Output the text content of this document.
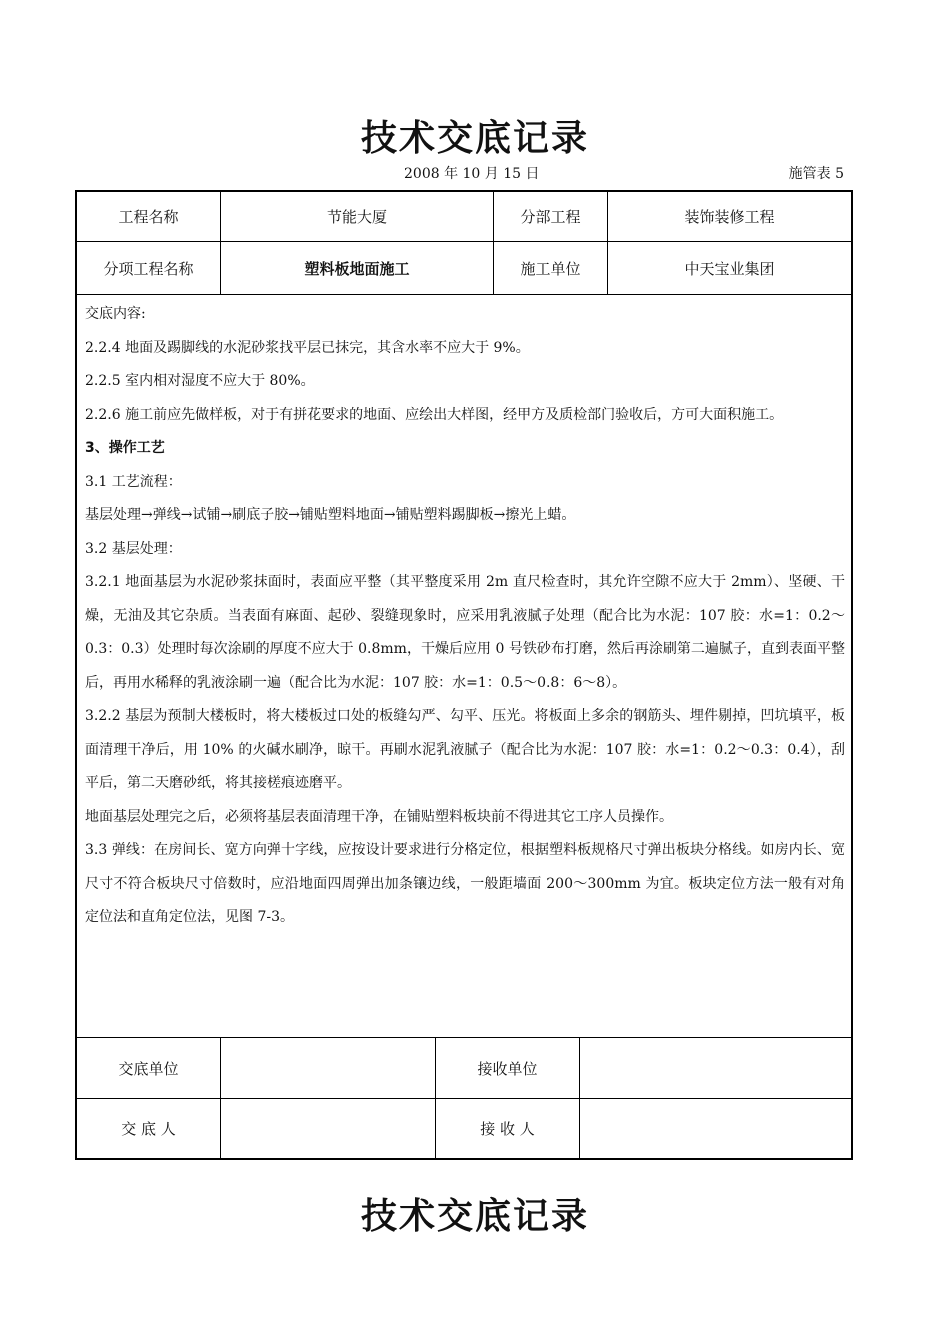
技术交底记录
2008 年 10 月 15 日	施管表 5
工程名称	节能大厦	分部工程	装饰装修工程
分项工程名称	塑料板地面施工	施工单位	中天宝业集团

交底内容:

2.2.4 地面及踢脚线的水泥砂浆找平层已抹完，其含水率不应大于 9%。

2.2.5 室内相对湿度不应大于 80%。

2.2.6 施工前应先做样板，对于有拼花要求的地面、应绘出大样图，经甲方及质检部门验收后，方可大面积施工。

3、操作工艺

3.1 工艺流程：

基层处理→弹线→试铺→刷底子胶→铺贴塑料地面→铺贴塑料踢脚板→擦光上蜡。

3.2 基层处理：

3.2.1 地面基层为水泥砂浆抹面时，表面应平整（其平整度采用 2m 直尺检查时，其允许空隙不应大于 2mm）、坚硬、干燥，无油及其它杂质。当表面有麻面、起砂、裂缝现象时，应采用乳液腻子处理（配合比为水泥：107 胶：水=1：0.2～0.3：0.3）处理时每次涂刷的厚度不应大于 0.8mm，干燥后应用 0 号铁砂布打磨，然后再涂刷第二遍腻子，直到表面平整后，再用水稀释的乳液涂刷一遍（配合比为水泥：107 胶：水=1：0.5～0.8：6～8）。

3.2.2 基层为预制大楼板时，将大楼板过口处的板缝勾严、勾平、压光。将板面上多余的钢筋头、埋件剔掉，凹坑填平，板面清理干净后，用 10% 的火碱水刷净，晾干。再刷水泥乳液腻子（配合比为水泥：107 胶：水=1：0.2～0.3：0.4），刮平后，第二天磨砂纸，将其接槎痕迹磨平。

地面基层处理完之后，必须将基层表面清理干净，在铺贴塑料板块前不得进其它工序人员操作。

3.3 弹线：在房间长、宽方向弹十字线，应按设计要求进行分格定位，根据塑料板规格尺寸弹出板块分格线。如房内长、宽尺寸不符合板块尺寸倍数时，应沿地面四周弹出加条镶边线，一般距墙面 200～300mm 为宜。板块定位方法一般有对角定位法和直角定位法，见图 7-3。

交底单位	接收单位
交 底 人	接 收 人
技术交底记录
